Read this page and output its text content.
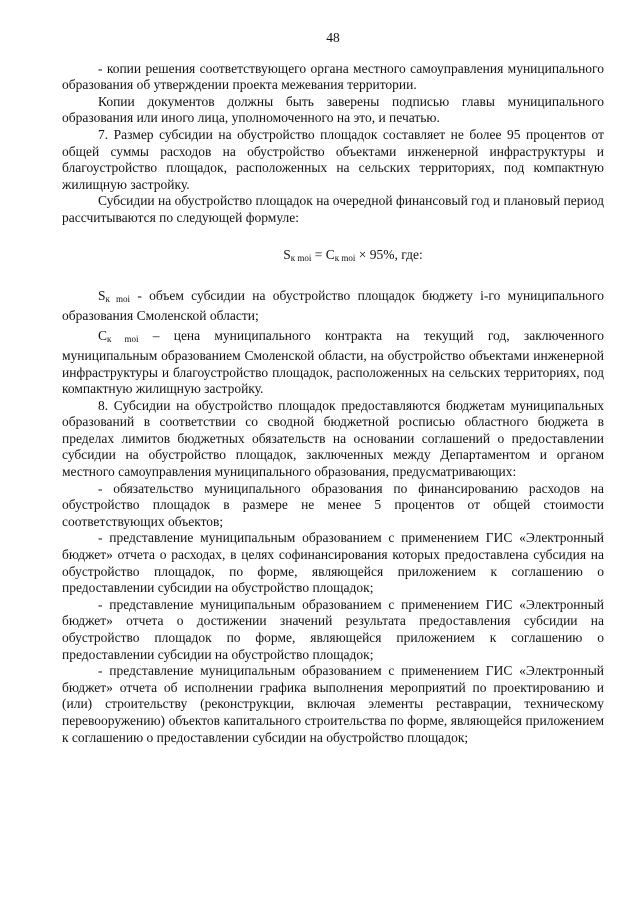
48

- копии решения соответствующего органа местного самоуправления муниципального образования об утверждении проекта межевания территории.

Копии документов должны быть заверены подписью главы муниципального образования или иного лица, уполномоченного на это, и печатью.

7. Размер субсидии на обустройство площадок составляет не более 95 процентов от общей суммы расходов на обустройство объектами инженерной инфраструктуры и благоустройство площадок, расположенных на сельских территориях, под компактную жилищную застройку.

Субсидии на обустройство площадок на очередной финансовый год и плановый период рассчитываются по следующей формуле:

$S_{к moi} = C_{к moi} \times 95\%$, где:

$S_{к moi}$ - объем субсидии на обустройство площадок бюджету i-го муниципального образования Смоленской области;

$C_{к moi}$ – цена муниципального контракта на текущий год, заключенного муниципальным образованием Смоленской области, на обустройство объектами инженерной инфраструктуры и благоустройство площадок, расположенных на сельских территориях, под компактную жилищную застройку.

8. Субсидии на обустройство площадок предоставляются бюджетам муниципальных образований в соответствии со сводной бюджетной росписью областного бюджета в пределах лимитов бюджетных обязательств на основании соглашений о предоставлении субсидии на обустройство площадок, заключенных между Департаментом и органом местного самоуправления муниципального образования, предусматривающих:

- обязательство муниципального образования по финансированию расходов на обустройство площадок в размере не менее 5 процентов от общей стоимости соответствующих объектов;

- представление муниципальным образованием с применением ГИС «Электронный бюджет» отчета о расходах, в целях софинансирования которых предоставлена субсидия на обустройство площадок, по форме, являющейся приложением к соглашению о предоставлении субсидии на обустройство площадок;

- представление муниципальным образованием с применением ГИС «Электронный бюджет» отчета о достижении значений результата предоставления субсидии на обустройство площадок по форме, являющейся приложением к соглашению о предоставлении субсидии на обустройство площадок;

- представление муниципальным образованием с применением ГИС «Электронный бюджет» отчета об исполнении графика выполнения мероприятий по проектированию и (или) строительству (реконструкции, включая элементы реставрации, техническому перевооружению) объектов капитального строительства по форме, являющейся приложением к соглашению о предоставлении субсидии на обустройство площадок;
